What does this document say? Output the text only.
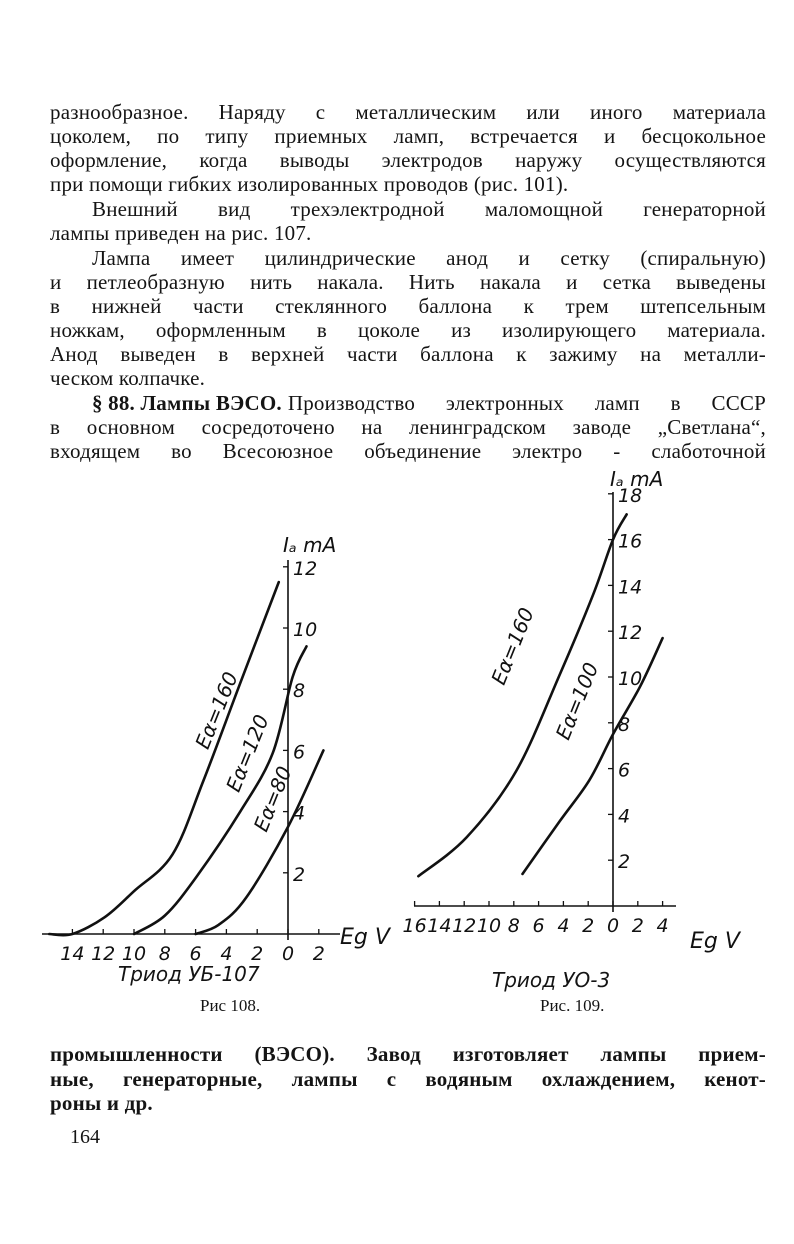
разнообразное. Наряду с металлическим или иного материала
цоколем, по типу приемных ламп, встречается и бесцокольное
оформление, когда выводы электродов наружу осуществляются
при помощи гибких изолированных проводов (рис. 101).
Внешний вид трехэлектродной маломощной генераторной
лампы приведен на рис. 107.
Лампа имеет цилиндрические анод и сетку (спиральную)
и петлеобразную нить накала. Нить накала и сетка выведены
в нижней части стеклянного баллона к трем штепсельным
ножкам, оформленным в цоколе из изолирующего материала.
Анод выведен в верхней части баллона к зажиму на металли-
ческом колпачке.
§ 88. Лампы ВЭСО. Производство электронных ламп в СССР
в основном сосредоточено на ленинградском заводе „Светлана“,
входящем во Всесоюзное объединение электро - слаботочной
14 12 10 8 6 4 2 0 2
2
4
6
8
10
12
Iₐ mA
Eg V
Eα=160
Eα=120
Eα=80
16 14 12 10 8 6 4 2 0 2 4
2
4
6
8
10
12
14
16
18
Iₐ mA
Eg V
Eα=160
Eα=100
Триод УБ-107
Рис 108.
Триод УО-3
Рис. 109.
промышленности (ВЭСО). Завод изготовляет лампы прием-
ные, генераторные, лампы с водяным охлаждением, кенот-
роны и др.
164
